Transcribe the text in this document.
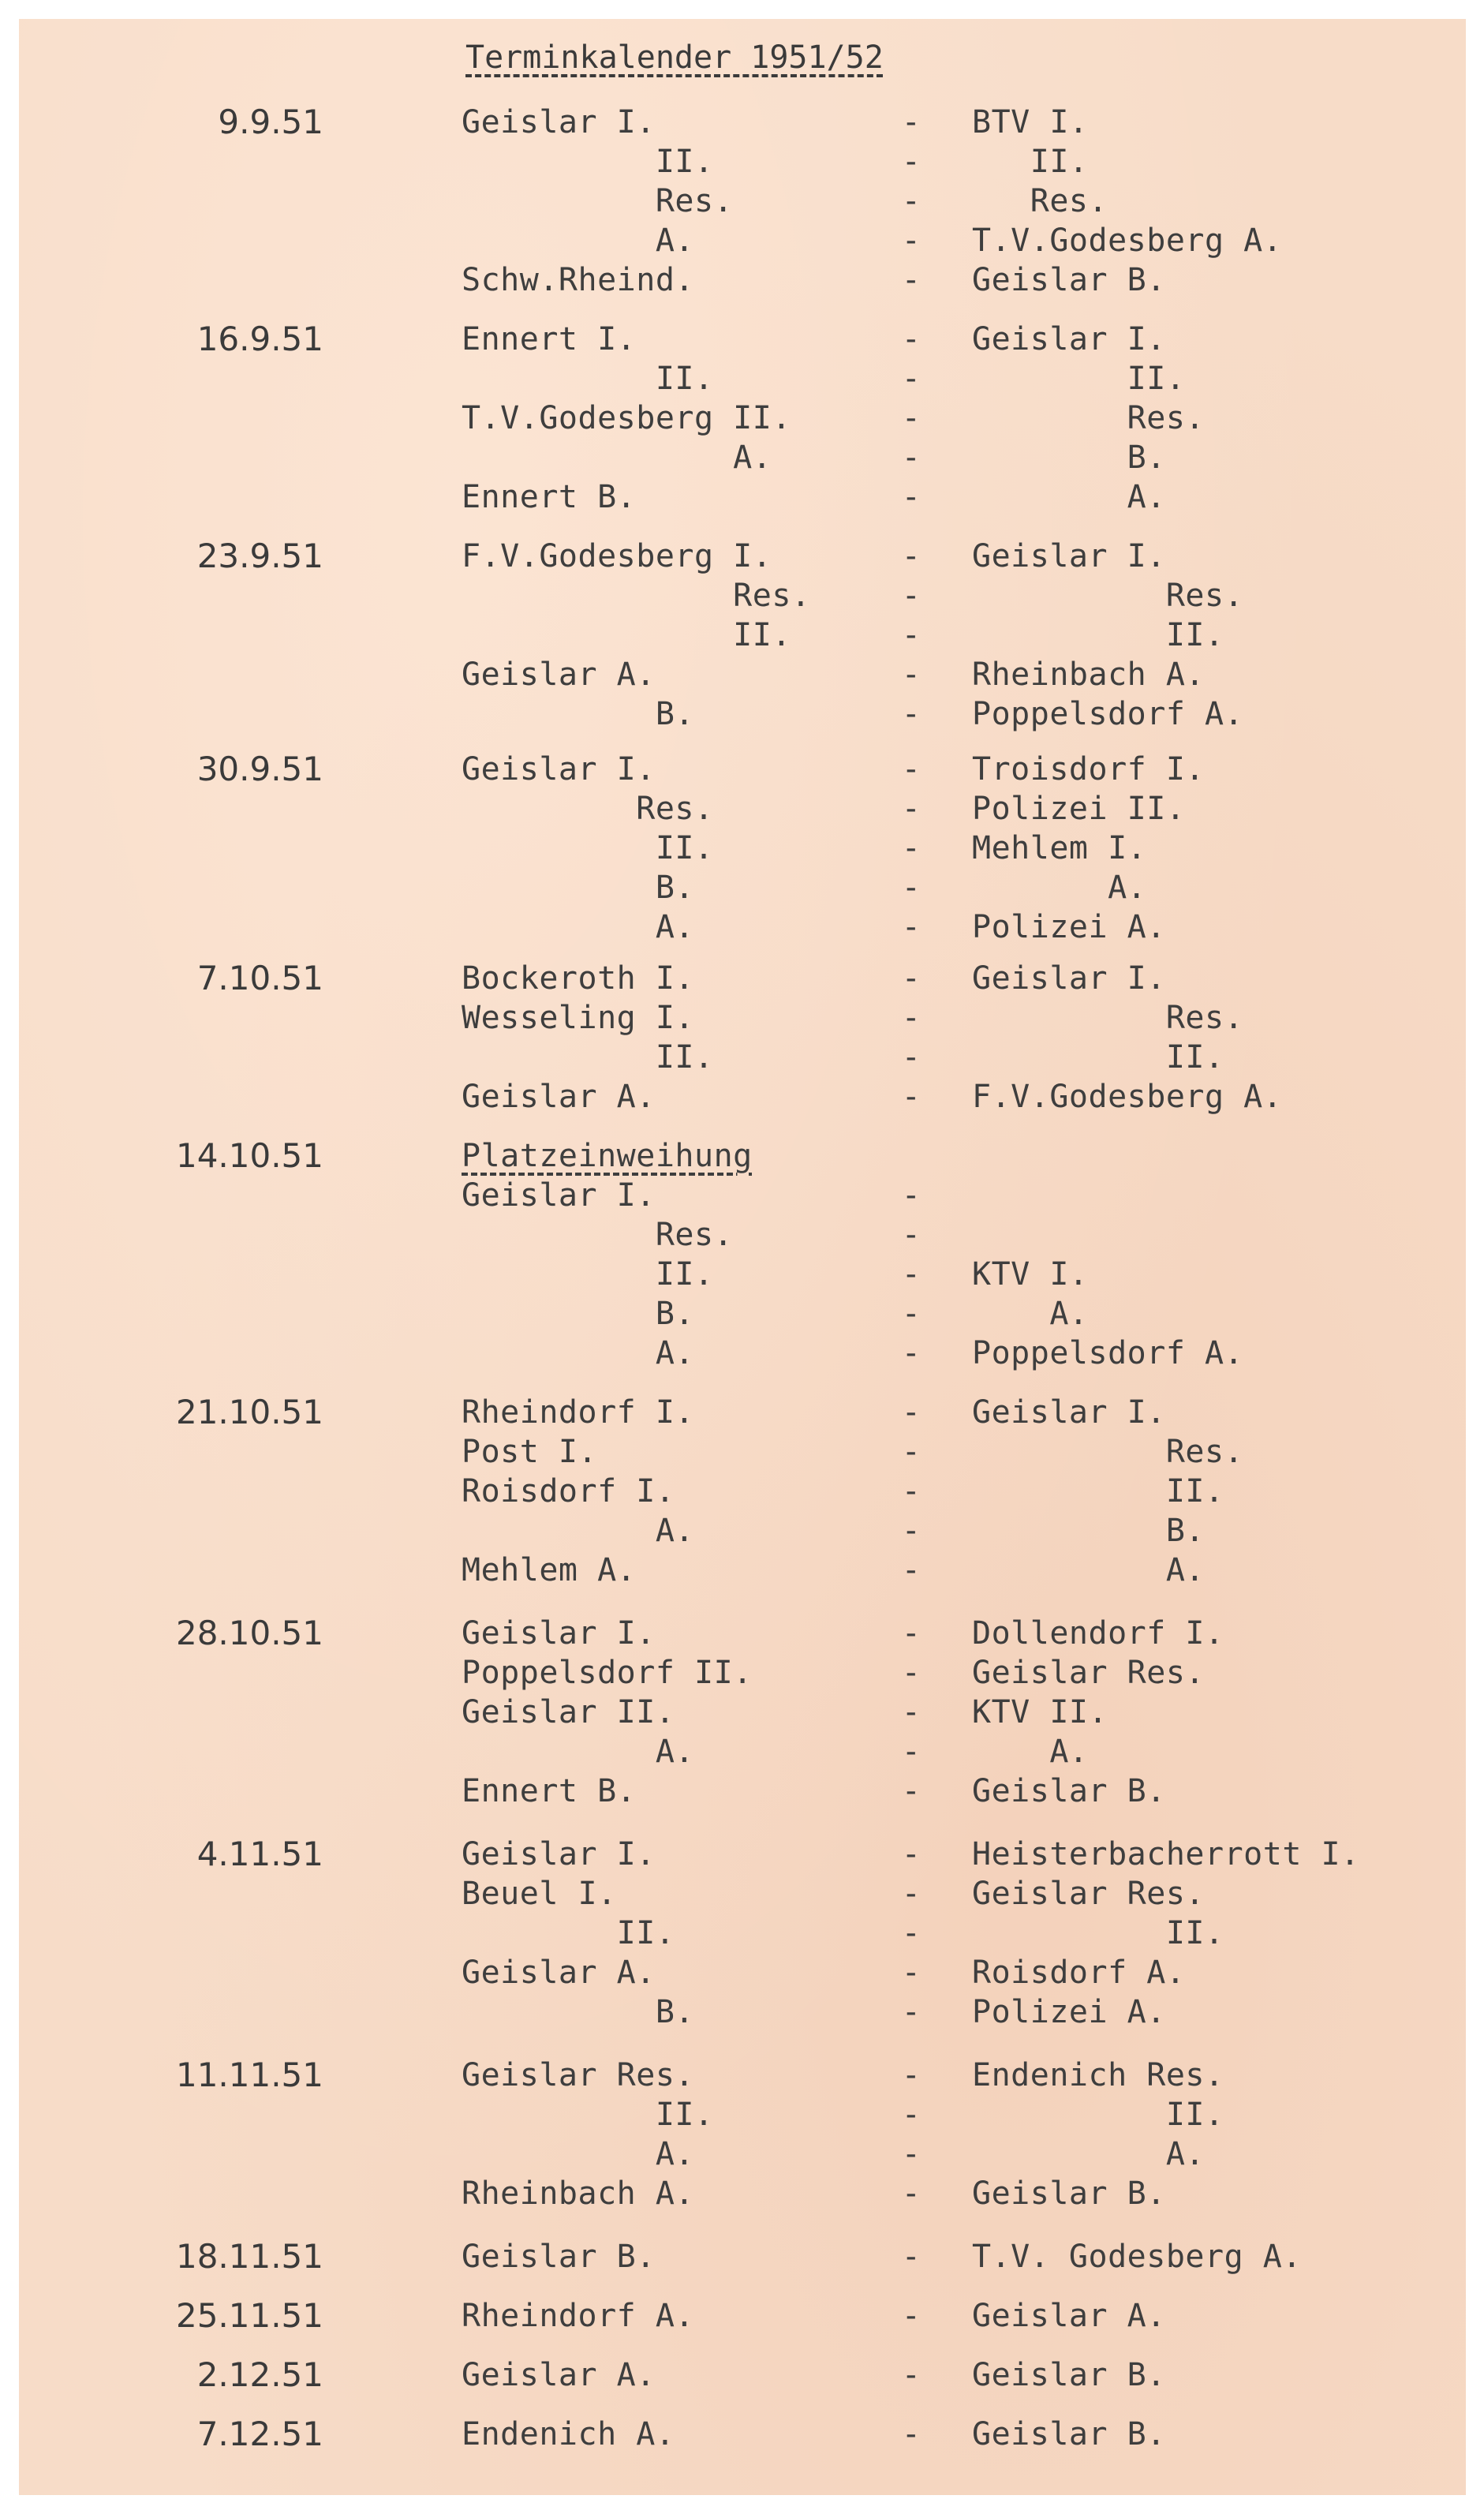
Terminkalender 1951/52
9.9.51	Geislar I.	- BTV I.
II.	- II.
Res.	- Res.
A.	- T.V.Godesberg A.
Schw.Rheind.	- Geislar B.
16.9.51	Ennert I.	- Geislar I.
II.	- II.
T.V.Godesberg II.	- Res.
A.	- B.
Ennert B.	- A.
23.9.51	F.V.Godesberg I.	- Geislar I.
Res.	- Res.
II.	- II.
Geislar A.	- Rheinbach A.
B.	- Poppelsdorf A.
30.9.51	Geislar I.	- Troisdorf I.
Res.	- Polizei II.
II.	- Mehlem I.
B.	- A.
A.	- Polizei A.
7.10.51	Bockeroth I.	- Geislar I.
Wesseling I.	- Res.
II.	- II.
Geislar A.	- F.V.Godesberg A.
14.10.51	Platzeinweihung
Geislar I.	-
Res.	-
II.	- KTV I.
B.	- A.
A.	- Poppelsdorf A.
21.10.51	Rheindorf I.	- Geislar I.
Post I.	- Res.
Roisdorf I.	- II.
A.	- B.
Mehlem A.	- A.
28.10.51	Geislar I.	- Dollendorf I.
Poppelsdorf II.	- Geislar Res.
Geislar II.	- KTV II.
A.	- A.
Ennert B.	- Geislar B.
4.11.51	Geislar I.	- Heisterbacherrott I.
Beuel I.	- Geislar Res.
II.	- II.
Geislar A.	- Roisdorf A.
B.	- Polizei A.
11.11.51	Geislar Res.	- Endenich Res.
II.	- II.
A.	- A.
Rheinbach A.	- Geislar B.
18.11.51	Geislar B.	- T.V. Godesberg A.
25.11.51	Rheindorf A.	- Geislar A.
2.12.51	Geislar A.	- Geislar B.
7.12.51	Endenich A.	- Geislar B.
